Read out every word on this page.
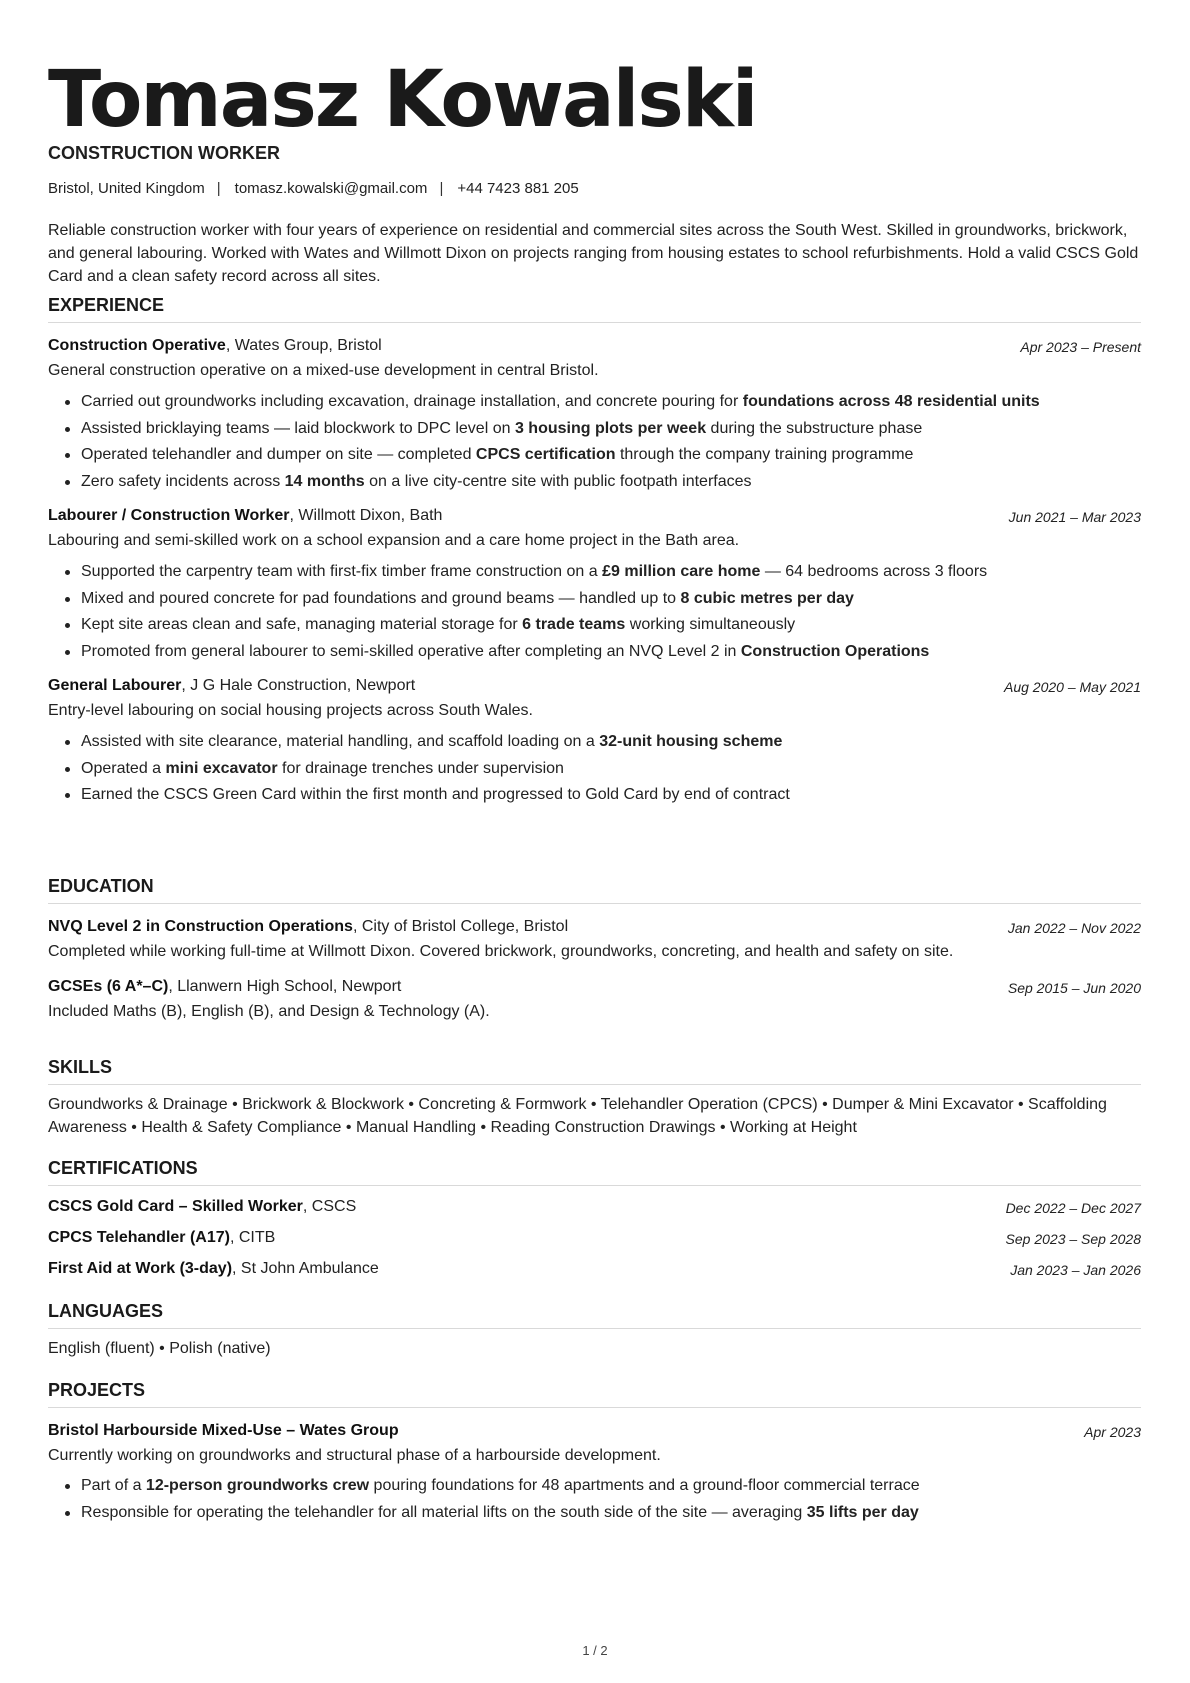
Tomasz Kowalski
CONSTRUCTION WORKER
Bristol, United Kingdom | tomasz.kowalski@gmail.com | +44 7423 881 205
Reliable construction worker with four years of experience on residential and commercial sites across the South West. Skilled in groundworks, brickwork, and general labouring. Worked with Wates and Willmott Dixon on projects ranging from housing estates to school refurbishments. Hold a valid CSCS Gold Card and a clean safety record across all sites.
EXPERIENCE
Construction Operative, Wates Group, Bristol	Apr 2023 – Present
General construction operative on a mixed-use development in central Bristol.
Carried out groundworks including excavation, drainage installation, and concrete pouring for foundations across 48 residential units
Assisted bricklaying teams — laid blockwork to DPC level on 3 housing plots per week during the substructure phase
Operated telehandler and dumper on site — completed CPCS certification through the company training programme
Zero safety incidents across 14 months on a live city-centre site with public footpath interfaces
Labourer / Construction Worker, Willmott Dixon, Bath	Jun 2021 – Mar 2023
Labouring and semi-skilled work on a school expansion and a care home project in the Bath area.
Supported the carpentry team with first-fix timber frame construction on a £9 million care home — 64 bedrooms across 3 floors
Mixed and poured concrete for pad foundations and ground beams — handled up to 8 cubic metres per day
Kept site areas clean and safe, managing material storage for 6 trade teams working simultaneously
Promoted from general labourer to semi-skilled operative after completing an NVQ Level 2 in Construction Operations
General Labourer, J G Hale Construction, Newport	Aug 2020 – May 2021
Entry-level labouring on social housing projects across South Wales.
Assisted with site clearance, material handling, and scaffold loading on a 32-unit housing scheme
Operated a mini excavator for drainage trenches under supervision
Earned the CSCS Green Card within the first month and progressed to Gold Card by end of contract
EDUCATION
NVQ Level 2 in Construction Operations, City of Bristol College, Bristol	Jan 2022 – Nov 2022
Completed while working full-time at Willmott Dixon. Covered brickwork, groundworks, concreting, and health and safety on site.
GCSEs (6 A*–C), Llanwern High School, Newport	Sep 2015 – Jun 2020
Included Maths (B), English (B), and Design & Technology (A).
SKILLS
Groundworks & Drainage • Brickwork & Blockwork • Concreting & Formwork • Telehandler Operation (CPCS) • Dumper & Mini Excavator • Scaffolding Awareness • Health & Safety Compliance • Manual Handling • Reading Construction Drawings • Working at Height
CERTIFICATIONS
CSCS Gold Card – Skilled Worker, CSCS	Dec 2022 – Dec 2027
CPCS Telehandler (A17), CITB	Sep 2023 – Sep 2028
First Aid at Work (3-day), St John Ambulance	Jan 2023 – Jan 2026
LANGUAGES
English (fluent) • Polish (native)
PROJECTS
Bristol Harbourside Mixed-Use – Wates Group	Apr 2023
Currently working on groundworks and structural phase of a harbourside development.
Part of a 12-person groundworks crew pouring foundations for 48 apartments and a ground-floor commercial terrace
Responsible for operating the telehandler for all material lifts on the south side of the site — averaging 35 lifts per day
1 / 2
